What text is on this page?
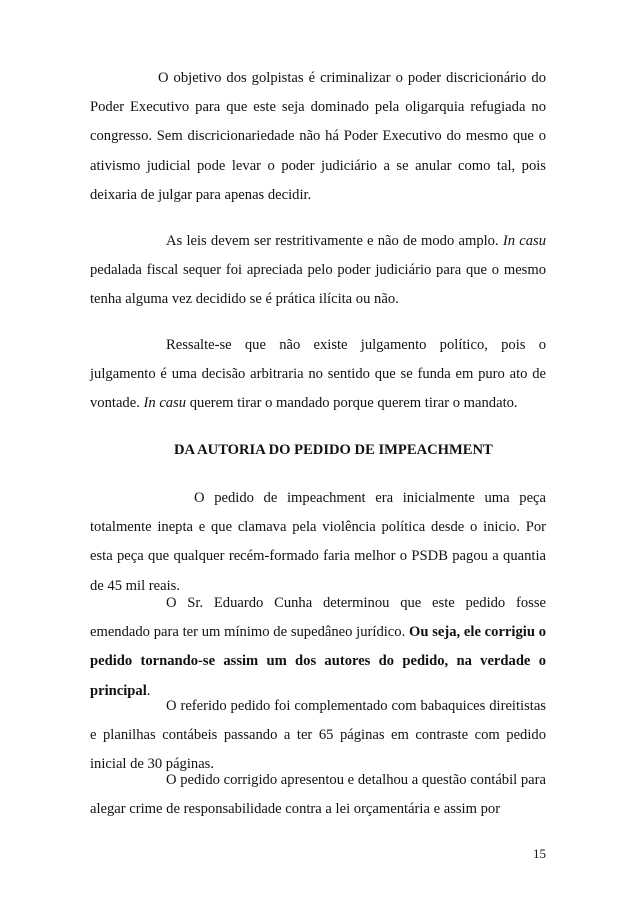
O objetivo dos golpistas é criminalizar o poder discricionário do Poder Executivo para que este seja dominado pela oligarquia refugiada no congresso. Sem discricionariedade não há Poder Executivo do mesmo que o ativismo judicial pode levar o poder judiciário a se anular como tal, pois deixaria de julgar para apenas decidir.

As leis devem ser restritivamente e não de modo amplo. In casu pedalada fiscal sequer foi apreciada pelo poder judiciário para que o mesmo tenha alguma vez decidido se é prática ilícita ou não.

Ressalte-se que não existe julgamento político, pois o julgamento é uma decisão arbitraria no sentido que se funda em puro ato de vontade. In casu querem tirar o mandado porque querem tirar o mandato.

DA AUTORIA DO PEDIDO DE IMPEACHMENT

O pedido de impeachment era inicialmente uma peça totalmente inepta e que clamava pela violência política desde o inicio. Por esta peça que qualquer recém-formado faria melhor o PSDB pagou a quantia de 45 mil reais.

O Sr. Eduardo Cunha determinou que este pedido fosse emendado para ter um mínimo de supedâneo jurídico. Ou seja, ele corrigiu o pedido tornando-se assim um dos autores do pedido, na verdade o principal.

O referido pedido foi complementado com babaquices direitistas e planilhas contábeis passando a ter 65 páginas em contraste com pedido inicial de 30 páginas.

O pedido corrigido apresentou e detalhou a questão contábil para alegar crime de responsabilidade contra a lei orçamentária e assim por

15
